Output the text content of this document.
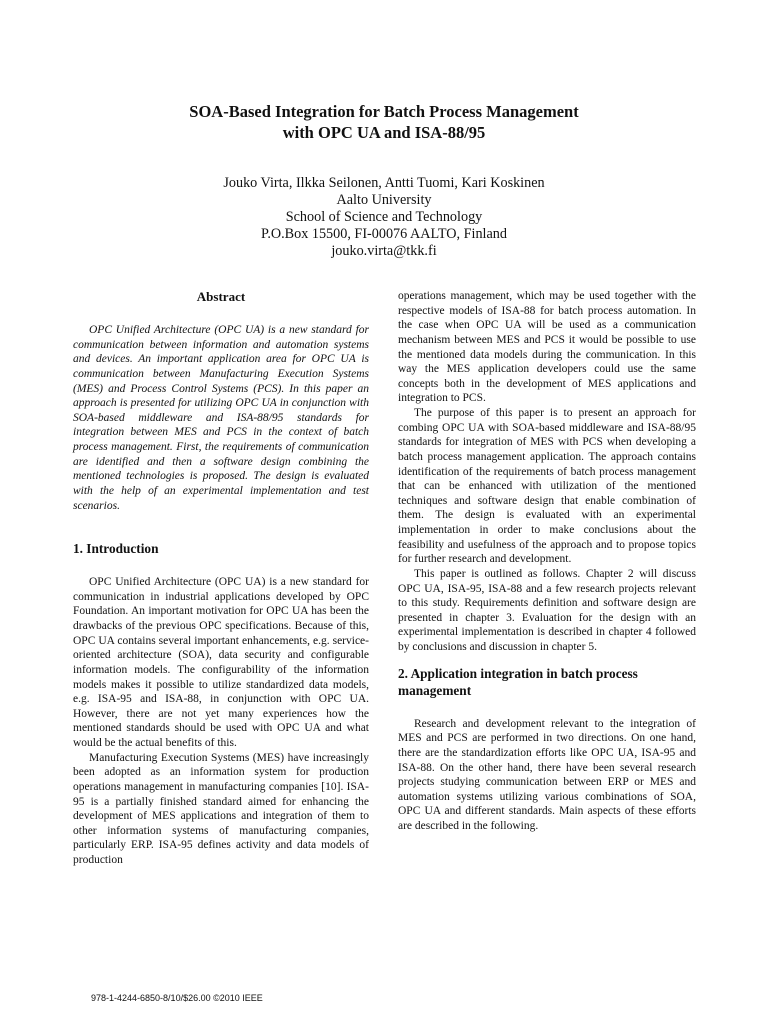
SOA-Based Integration for Batch Process Management
with OPC UA and ISA-88/95
Jouko Virta, Ilkka Seilonen, Antti Tuomi, Kari Koskinen
Aalto University
School of Science and Technology
P.O.Box 15500, FI-00076 AALTO, Finland
jouko.virta@tkk.fi
Abstract

OPC Unified Architecture (OPC UA) is a new standard for communication between information and automation systems and devices. An important application area for OPC UA is communication between Manufacturing Execution Systems (MES) and Process Control Systems (PCS). In this paper an approach is presented for utilizing OPC UA in conjunction with SOA-based middleware and ISA-88/95 standards for integration between MES and PCS in the context of batch process management. First, the requirements of communication are identified and then a software design combining the mentioned technologies is proposed. The design is evaluated with the help of an experimental implementation and test scenarios.

1. Introduction

OPC Unified Architecture (OPC UA) is a new standard for communication in industrial applications developed by OPC Foundation. An important motivation for OPC UA has been the drawbacks of the previous OPC specifications. Because of this, OPC UA contains several important enhancements, e.g. service-oriented architecture (SOA), data security and configurable information models. The configurability of the information models makes it possible to utilize standardized data models, e.g. ISA-95 and ISA-88, in conjunction with OPC UA. However, there are not yet many experiences how the mentioned standards should be used with OPC UA and what would be the actual benefits of this.

Manufacturing Execution Systems (MES) have increasingly been adopted as an information system for production operations management in manufacturing companies [10]. ISA-95 is a partially finished standard aimed for enhancing the development of MES applications and integration of them to other information systems of manufacturing companies, particularly ERP. ISA-95 defines activity and data models of production

operations management, which may be used together with the respective models of ISA-88 for batch process automation. In the case when OPC UA will be used as a communication mechanism between MES and PCS it would be possible to use the mentioned data models during the communication. In this way the MES application developers could use the same concepts both in the development of MES applications and integration to PCS.

The purpose of this paper is to present an approach for combing OPC UA with SOA-based middleware and ISA-88/95 standards for integration of MES with PCS when developing a batch process management application. The approach contains identification of the requirements of batch process management that can be enhanced with utilization of the mentioned techniques and software design that enable combination of them. The design is evaluated with an experimental implementation in order to make conclusions about the feasibility and usefulness of the approach and to propose topics for further research and development.

This paper is outlined as follows. Chapter 2 will discuss OPC UA, ISA-95, ISA-88 and a few research projects relevant to this study. Requirements definition and software design are presented in chapter 3. Evaluation for the design with an experimental implementation is described in chapter 4 followed by conclusions and discussion in chapter 5.

2. Application integration in batch process management

Research and development relevant to the integration of MES and PCS are performed in two directions. On one hand, there are the standardization efforts like OPC UA, ISA-95 and ISA-88. On the other hand, there have been several research projects studying communication between ERP or MES and automation systems utilizing various combinations of SOA, OPC UA and different standards. Main aspects of these efforts are described in the following.

978-1-4244-6850-8/10/$26.00 ©2010 IEEE
